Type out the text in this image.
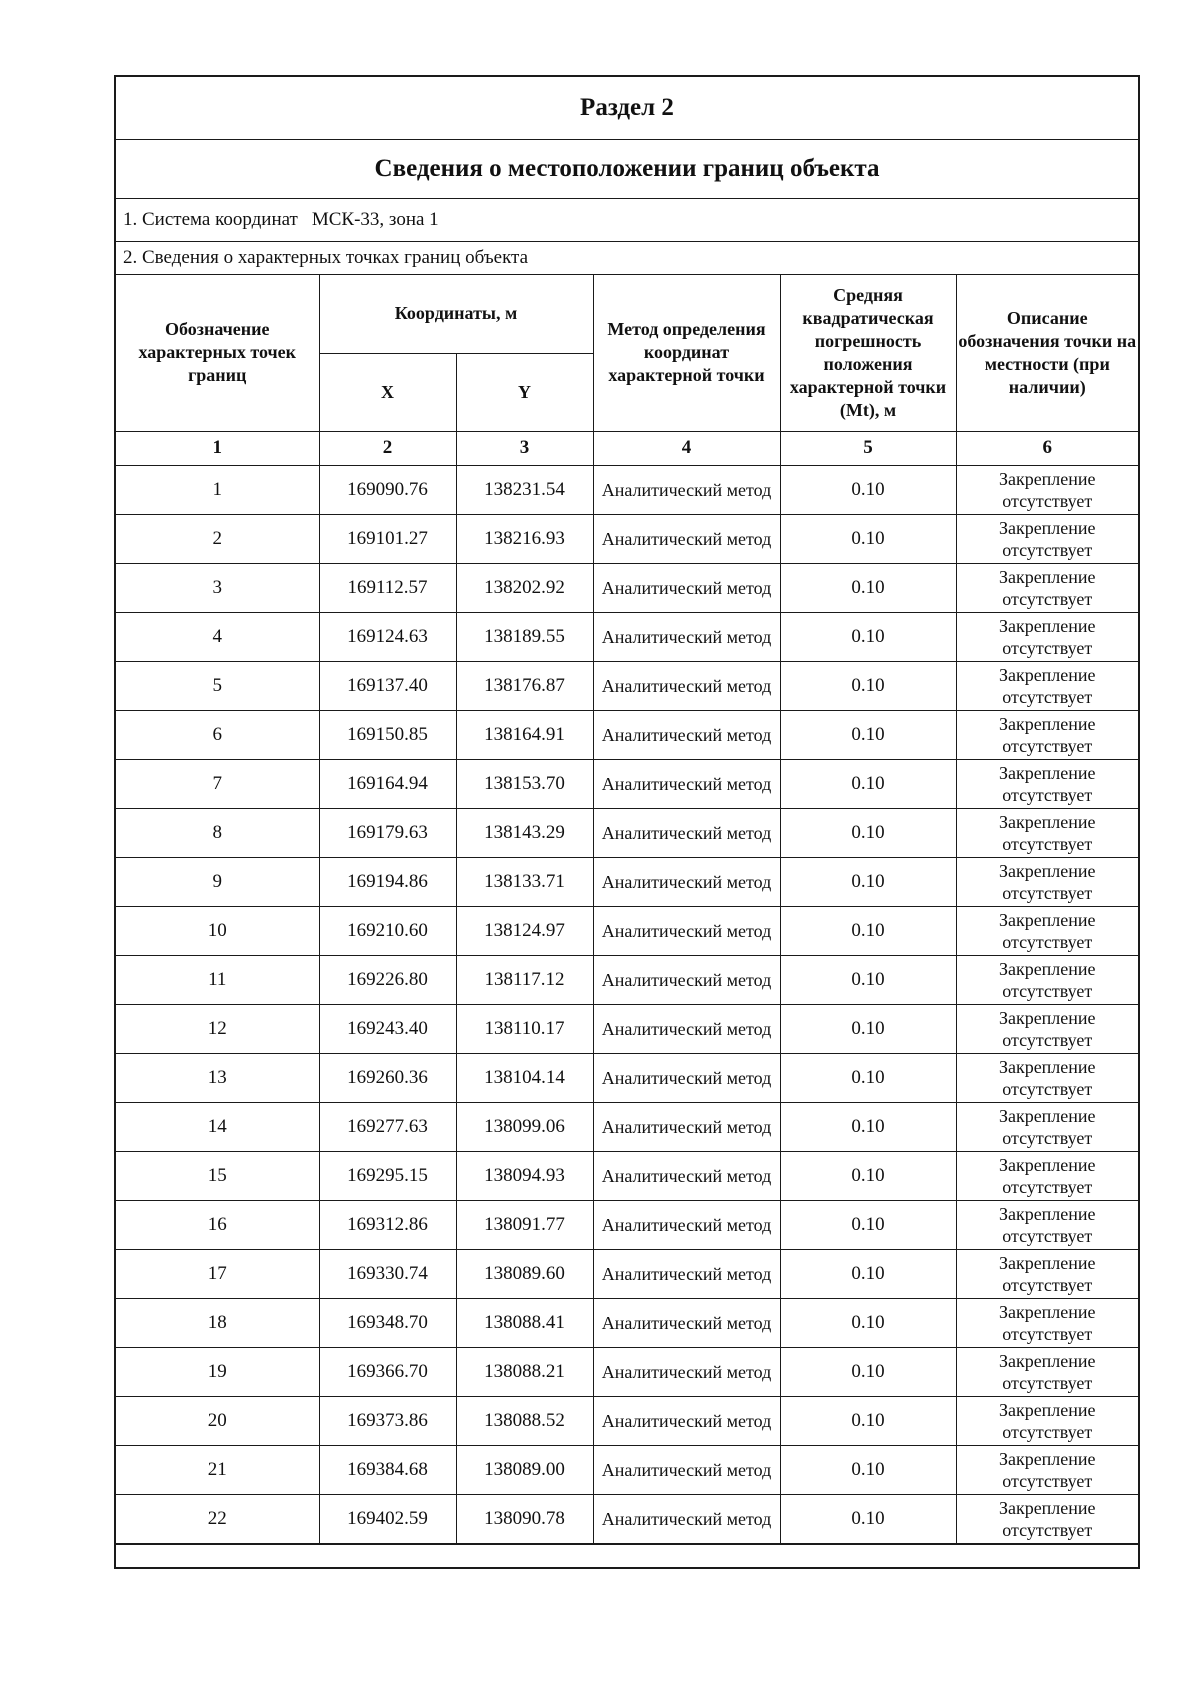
Раздел 2
Сведения о местоположении границ объекта
1. Система координат МСК-33, зона 1
2. Сведения о характерных точках границ объекта
Обозначение характерных точек границ	Координаты, м		Метод определения координат характерной точки	Средняя квадратическая погрешность положения характерной точки (Mt), м	Описание обозначения точки на местности (при наличии)
	X	Y			
1	2	3	4	5	6
1	169090.76	138231.54	Аналитический метод	0.10	Закрепление отсутствует
2	169101.27	138216.93	Аналитический метод	0.10	Закрепление отсутствует
3	169112.57	138202.92	Аналитический метод	0.10	Закрепление отсутствует
4	169124.63	138189.55	Аналитический метод	0.10	Закрепление отсутствует
5	169137.40	138176.87	Аналитический метод	0.10	Закрепление отсутствует
6	169150.85	138164.91	Аналитический метод	0.10	Закрепление отсутствует
7	169164.94	138153.70	Аналитический метод	0.10	Закрепление отсутствует
8	169179.63	138143.29	Аналитический метод	0.10	Закрепление отсутствует
9	169194.86	138133.71	Аналитический метод	0.10	Закрепление отсутствует
10	169210.60	138124.97	Аналитический метод	0.10	Закрепление отсутствует
11	169226.80	138117.12	Аналитический метод	0.10	Закрепление отсутствует
12	169243.40	138110.17	Аналитический метод	0.10	Закрепление отсутствует
13	169260.36	138104.14	Аналитический метод	0.10	Закрепление отсутствует
14	169277.63	138099.06	Аналитический метод	0.10	Закрепление отсутствует
15	169295.15	138094.93	Аналитический метод	0.10	Закрепление отсутствует
16	169312.86	138091.77	Аналитический метод	0.10	Закрепление отсутствует
17	169330.74	138089.60	Аналитический метод	0.10	Закрепление отсутствует
18	169348.70	138088.41	Аналитический метод	0.10	Закрепление отсутствует
19	169366.70	138088.21	Аналитический метод	0.10	Закрепление отсутствует
20	169373.86	138088.52	Аналитический метод	0.10	Закрепление отсутствует
21	169384.68	138089.00	Аналитический метод	0.10	Закрепление отсутствует
22	169402.59	138090.78	Аналитический метод	0.10	Закрепление отсутствует
